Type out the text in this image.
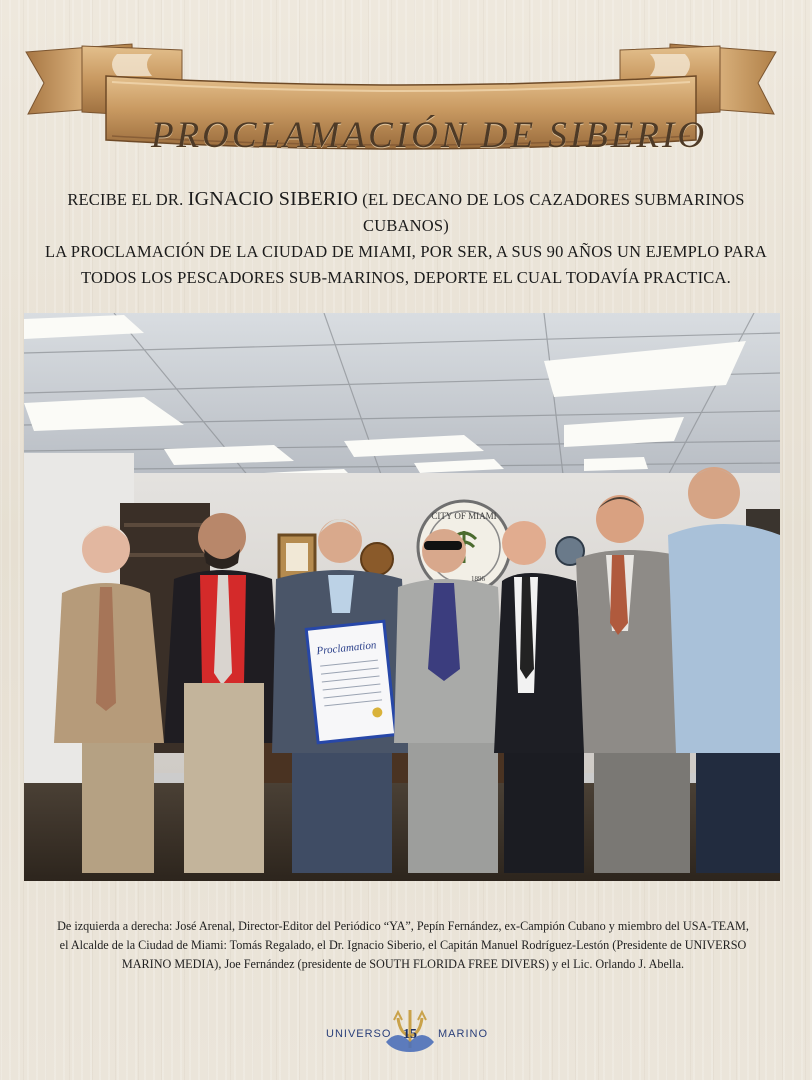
PROCLAMACIÓN DE SIBERIO
RECIBE EL DR. IGNACIO SIBERIO (EL DECANO DE LOS CAZADORES SUBMARINOS CUBANOS)
LA PROCLAMACIÓN DE LA CIUDAD DE MIAMI, POR SER, A SUS 90 AÑOS UN EJEMPLO PARA
TODOS LOS PESCADORES SUB-MARINOS, DEPORTE EL CUAL TODAVÍA PRACTICA.
CITY OF MIAMI
1896
Proclamation
De izquierda a derecha: José Arenal, Director-Editor del Periódico “YA”, Pepín Fernández, ex-Campión Cubano y miembro del USA-TEAM,
el Alcalde de la Ciudad de Miami: Tomás Regalado, el Dr. Ignacio Siberio, el Capitán Manuel Rodríguez-Lestón (Presidente de UNIVERSO
MARINO MEDIA), Joe Fernández (presidente de SOUTH FLORIDA FREE DIVERS) y el Lic. Orlando J. Abella.
UNIVERSO 15	MARINO
